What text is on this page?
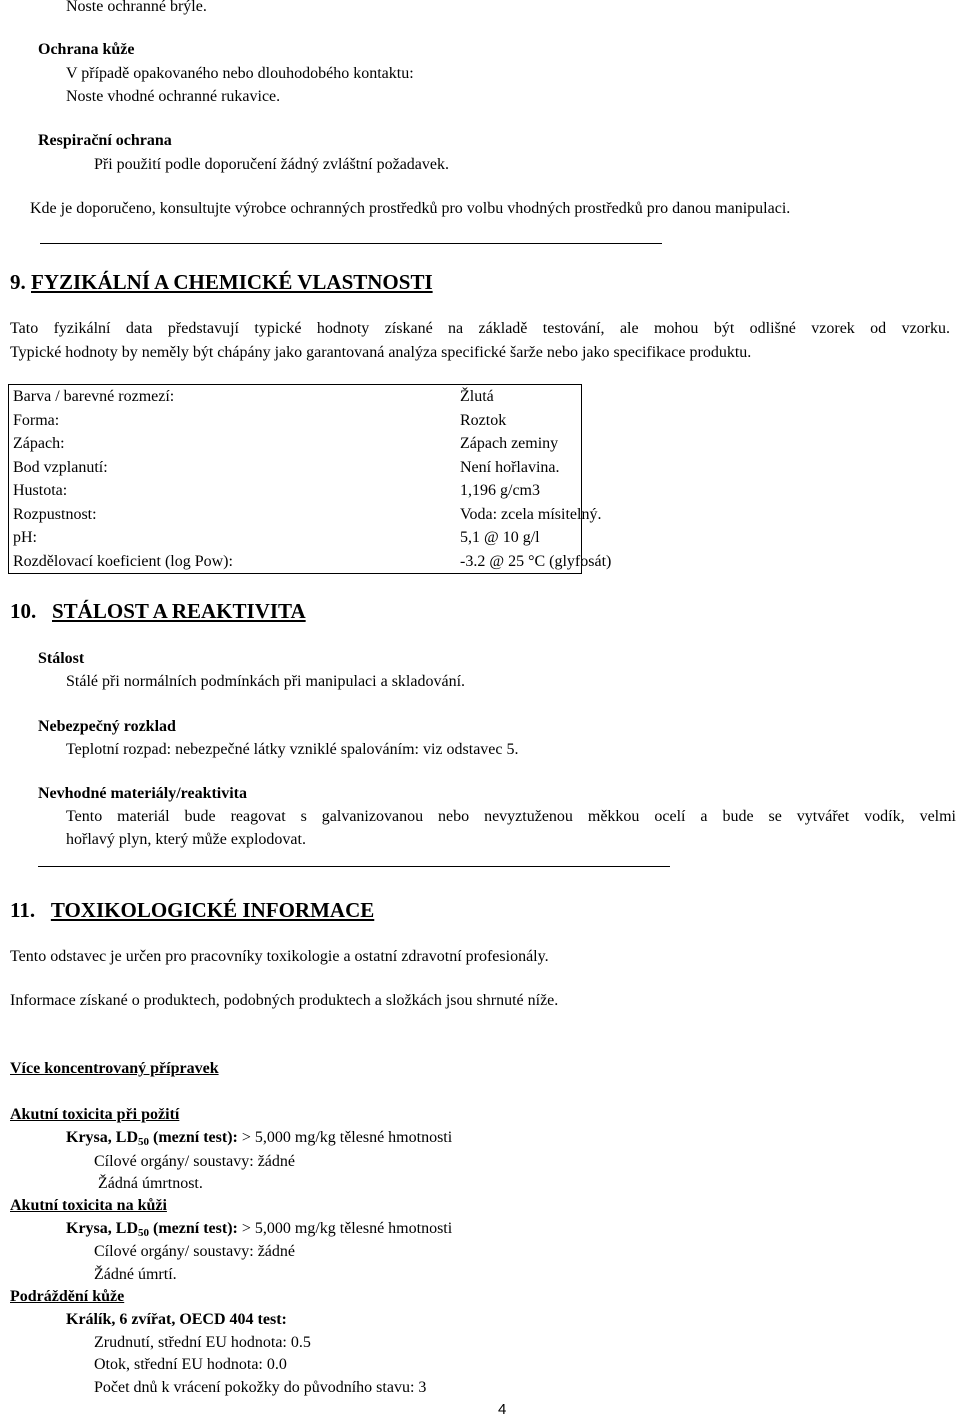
Noste ochranné brýle.
Ochrana kůže
V případě opakovaného nebo dlouhodobého kontaktu:
Noste vhodné ochranné rukavice.
Respirační ochrana
Při použití podle doporučení žádný zvláštní požadavek.
Kde je doporučeno, konsultujte výrobce ochranných prostředků pro volbu vhodných prostředků pro danou manipulaci.
9. FYZIKÁLNÍ A CHEMICKÉ VLASTNOSTI
Tato fyzikální data představují typické hodnoty získané na základě testování, ale mohou být odlišné vzorek od vzorku.
Typické hodnoty by neměly být chápány jako garantovaná analýza specifické šarže nebo jako specifikace produktu.
Barva / barevné rozmezí:	Žlutá
Forma:	Roztok
Zápach:	Zápach zeminy
Bod vzplanutí:	Není hořlavina.
Hustota:	1,196 g/cm3
Rozpustnost:	Voda: zcela mísitelný.
pH:	5,1 @ 10 g/l
Rozdělovací koeficient (log Pow):	-3.2 @ 25 °C (glyfosát)
10. STÁLOST A REAKTIVITA
Stálost
Stálé při normálních podmínkách při manipulaci a skladování.
Nebezpečný rozklad
Teplotní rozpad: nebezpečné látky vzniklé spalováním: viz odstavec 5.
Nevhodné materiály/reaktivita
Tento materiál bude reagovat s galvanizovanou nebo nevyztuženou měkkou ocelí a bude se vytvářet vodík, velmi
hořlavý plyn, který může explodovat.
11. TOXIKOLOGICKÉ INFORMACE
Tento odstavec je určen pro pracovníky toxikologie a ostatní zdravotní profesionály.
Informace získané o produktech, podobných produktech a složkách jsou shrnuté níže.
Více koncentrovaný přípravek
Akutní toxicita při požití
Krysa, $LD_{50}$ (mezní test): > 5,000 mg/kg tělesné hmotnosti
Cílové orgány/ soustavy: žádné
Žádná úmrtnost.
Akutní toxicita na kůži
Krysa, $LD_{50}$ (mezní test): > 5,000 mg/kg tělesné hmotnosti
Cílové orgány/ soustavy: žádné
Žádné úmrtí.
Podráždění kůže
Králík, 6 zvířat, OECD 404 test:
Zrudnutí, střední EU hodnota: 0.5
Otok, střední EU hodnota: 0.0
Počet dnů k vrácení pokožky do původního stavu: 3
4
